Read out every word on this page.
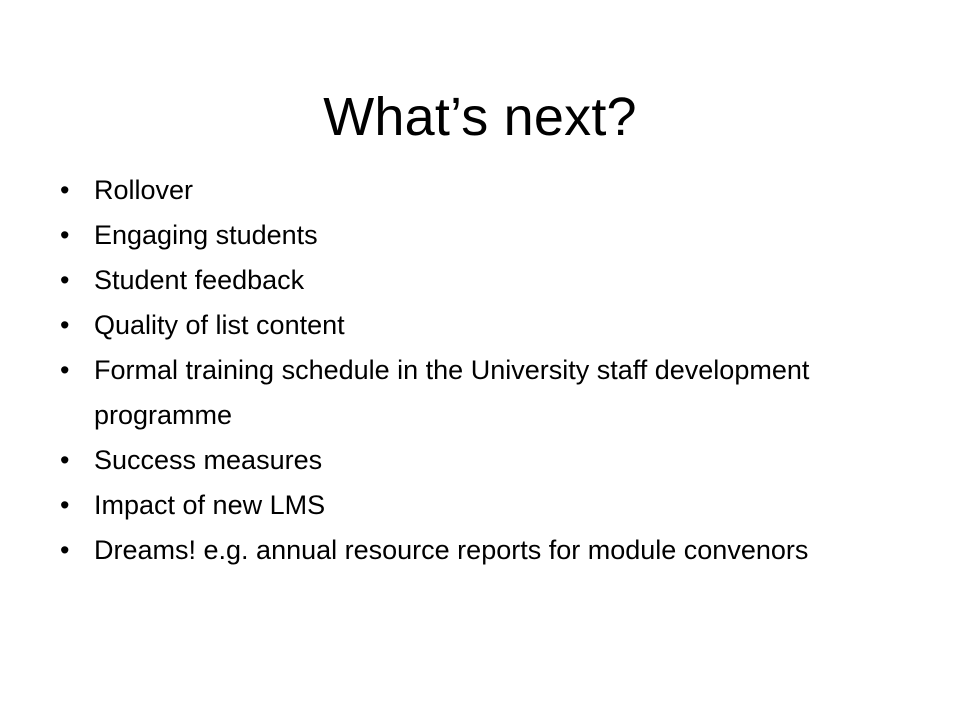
What’s next?
• Rollover
• Engaging students
• Student feedback
• Quality of list content
• Formal training schedule in the University staff development programme
• Success measures
• Impact of new LMS
• Dreams! e.g. annual resource reports for module convenors
